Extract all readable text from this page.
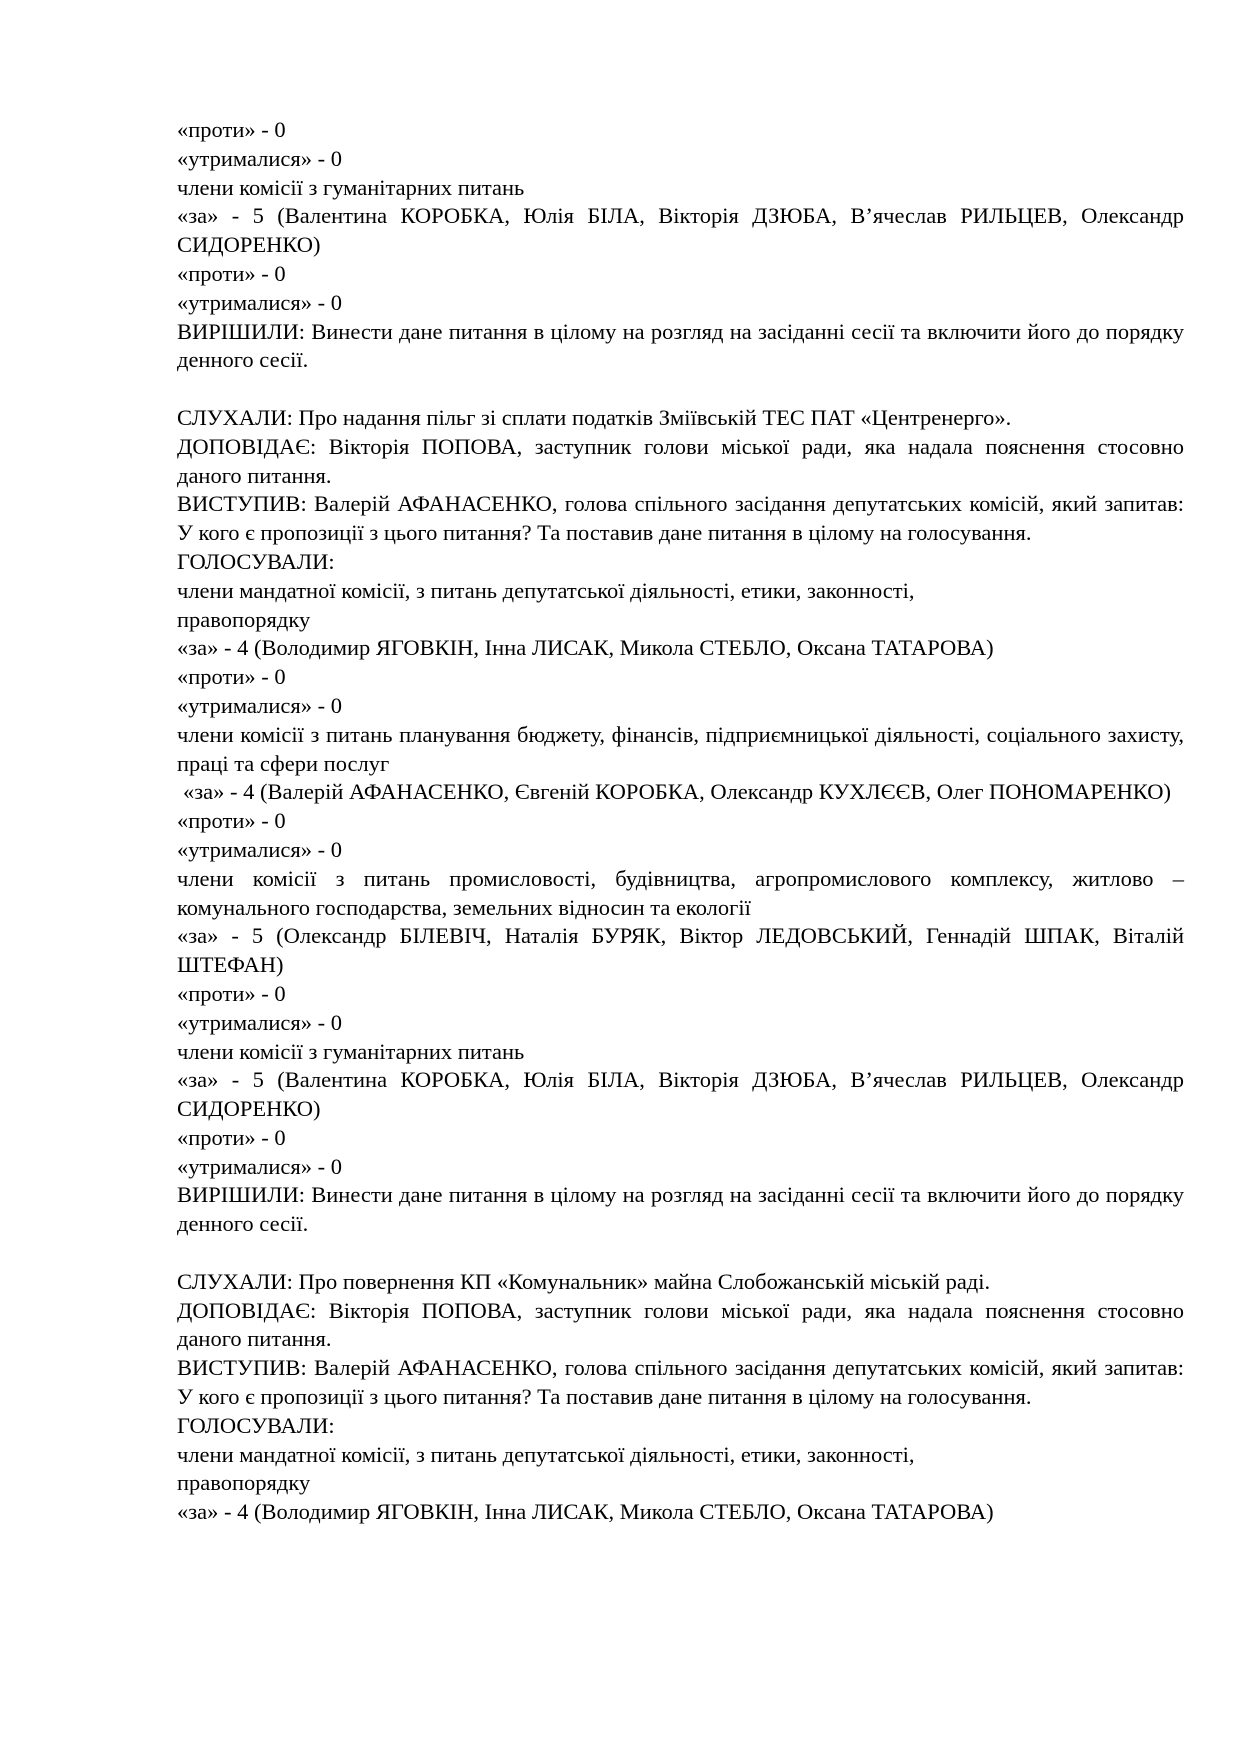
«проти» - 0

«утрималися» - 0

члени комісії з гуманітарних питань

«за» - 5 (Валентина КОРОБКА, Юлія БІЛА, Вікторія ДЗЮБА, В’ячеслав РИЛЬЦЕВ, Олександр СИДОРЕНКО)

«проти» - 0

«утрималися» - 0

ВИРІШИЛИ: Винести дане питання в цілому на розгляд на засіданні сесії та включити його до порядку денного сесії.

СЛУХАЛИ: Про надання пільг зі сплати податків Зміївській ТЕС ПАТ «Центренерго».

ДОПОВІДАЄ: Вікторія ПОПОВА, заступник голови міської ради, яка надала пояснення стосовно даного питання.

ВИСТУПИВ: Валерій АФАНАСЕНКО, голова спільного засідання депутатських комісій, який запитав: У кого є пропозиції з цього питання? Та поставив дане питання в цілому на голосування.

ГОЛОСУВАЛИ:

члени мандатної комісії, з питань депутатської діяльності, етики, законності,

правопорядку

«за» - 4 (Володимир ЯГОВКІН, Інна ЛИСАК, Микола СТЕБЛО, Оксана ТАТАРОВА)

«проти» - 0

«утрималися» - 0

члени комісії з питань планування бюджету, фінансів, підприємницької діяльності, соціального захисту, праці та сфери послуг

«за» - 4 (Валерій АФАНАСЕНКО, Євгеній КОРОБКА, Олександр КУХЛЄЄВ, Олег ПОНОМАРЕНКО)

«проти» - 0

«утрималися» - 0

члени комісії з питань промисловості, будівництва, агропромислового комплексу, житлово – комунального господарства, земельних відносин та екології

«за» - 5 (Олександр БІЛЕВІЧ, Наталія БУРЯК, Віктор ЛЕДОВСЬКИЙ, Геннадій ШПАК, Віталій ШТЕФАН)

«проти» - 0

«утрималися» - 0

члени комісії з гуманітарних питань

«за» - 5 (Валентина КОРОБКА, Юлія БІЛА, Вікторія ДЗЮБА, В’ячеслав РИЛЬЦЕВ, Олександр СИДОРЕНКО)

«проти» - 0

«утрималися» - 0

ВИРІШИЛИ: Винести дане питання в цілому на розгляд на засіданні сесії та включити його до порядку денного сесії.

СЛУХАЛИ: Про повернення КП «Комунальник» майна Слобожанській міській раді.

ДОПОВІДАЄ: Вікторія ПОПОВА, заступник голови міської ради, яка надала пояснення стосовно даного питання.

ВИСТУПИВ: Валерій АФАНАСЕНКО, голова спільного засідання депутатських комісій, який запитав: У кого є пропозиції з цього питання? Та поставив дане питання в цілому на голосування.

ГОЛОСУВАЛИ:

члени мандатної комісії, з питань депутатської діяльності, етики, законності,

правопорядку

«за» - 4 (Володимир ЯГОВКІН, Інна ЛИСАК, Микола СТЕБЛО, Оксана ТАТАРОВА)
